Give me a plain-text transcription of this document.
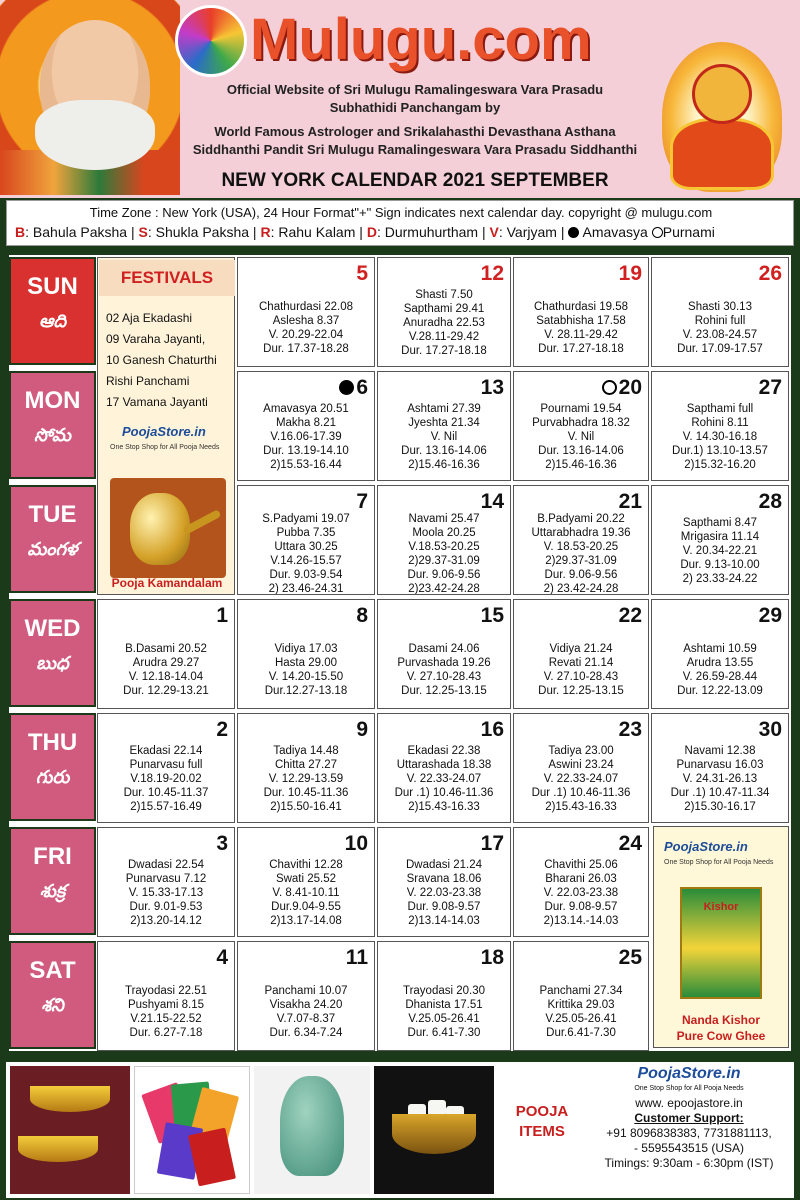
Mulugu.com
Official Website of Sri Mulugu Ramalingeswara Vara Prasadu
Subhathidi Panchangam by
World Famous Astrologer and Srikalahasthi Devasthana Asthana
Siddhanthi Pandit Sri Mulugu Ramalingeswara Vara Prasadu Siddhanthi
NEW YORK CALENDAR 2021 SEPTEMBER
Time Zone : New York (USA), 24 Hour Format"+" Sign indicates next calendar day. copyright @ mulugu.com
B: Bahula Paksha | S: Shukla Paksha | R: Rahu Kalam | D: Durmuhurtham | V: Varjyam | Amavasya Purnami
FESTIVALS
02 Aja Ekadashi
09 Varaha Jayanti,
10 Ganesh Chaturthi
Rishi Panchami
17 Vamana Jayanti
PoojaStore.in
One Stop Shop for All Pooja Needs
Pooja Kamandalam
PoojaStore.in
One Stop Shop for All Pooja Needs
Kishor
Nanda Kishor
Pure Cow Ghee
SUN
ఆది
MON
సోమ
TUE
మంగళ
WED
బుధ
THU
గురు
FRI
శుక్ర
SAT
శని
5
Chathurdasi 22.08
Aslesha 8.37
V. 20.29-22.04
Dur. 17.37-18.28
12
Shasti 7.50
Sapthami 29.41
Anuradha 22.53
V.28.11-29.42
Dur. 17.27-18.18
19
Chathurdasi 19.58
Satabhisha 17.58
V. 28.11-29.42
Dur. 17.27-18.18
26
Shasti 30.13
Rohini full
V. 23.08-24.57
Dur. 17.09-17.57
6
Amavasya 20.51
Makha 8.21
V.16.06-17.39
Dur. 13.19-14.10
2)15.53-16.44
13
Ashtami 27.39
Jyeshta 21.34
V. Nil
Dur. 13.16-14.06
2)15.46-16.36
20
Pournami 19.54
Purvabhadra 18.32
V. Nil
Dur. 13.16-14.06
2)15.46-16.36
27
Sapthami full
Rohini 8.11
V. 14.30-16.18
Dur.1) 13.10-13.57
2)15.32-16.20
7
S.Padyami 19.07
Pubba 7.35
Uttara 30.25
V.14.26-15.57
Dur. 9.03-9.54
2) 23.46-24.31
14
Navami 25.47
Moola 20.25
V.18.53-20.25
2)29.37-31.09
Dur. 9.06-9.56
2)23.42-24.28
21
B.Padyami 20.22
Uttarabhadra 19.36
V. 18.53-20.25
2)29.37-31.09
Dur. 9.06-9.56
2) 23.42-24.28
28
Sapthami 8.47
Mrigasira 11.14
V. 20.34-22.21
Dur. 9.13-10.00
2) 23.33-24.22
1
B.Dasami 20.52
Arudra 29.27
V. 12.18-14.04
Dur. 12.29-13.21
8
Vidiya 17.03
Hasta 29.00
V. 14.20-15.50
Dur.12.27-13.18
15
Dasami 24.06
Purvashada 19.26
V. 27.10-28.43
Dur. 12.25-13.15
22
Vidiya 21.24
Revati 21.14
V. 27.10-28.43
Dur. 12.25-13.15
29
Ashtami 10.59
Arudra 13.55
V. 26.59-28.44
Dur. 12.22-13.09
2
Ekadasi 22.14
Punarvasu full
V.18.19-20.02
Dur. 10.45-11.37
2)15.57-16.49
9
Tadiya 14.48
Chitta 27.27
V. 12.29-13.59
Dur. 10.45-11.36
2)15.50-16.41
16
Ekadasi 22.38
Uttarashada 18.38
V. 22.33-24.07
Dur .1) 10.46-11.36
2)15.43-16.33
23
Tadiya 23.00
Aswini 23.24
V. 22.33-24.07
Dur .1) 10.46-11.36
2)15.43-16.33
30
Navami 12.38
Punarvasu 16.03
V. 24.31-26.13
Dur .1) 10.47-11.34
2)15.30-16.17
3
Dwadasi 22.54
Punarvasu 7.12
V. 15.33-17.13
Dur. 9.01-9.53
2)13.20-14.12
10
Chavithi 12.28
Swati 25.52
V. 8.41-10.11
Dur.9.04-9.55
2)13.17-14.08
17
Dwadasi 21.24
Sravana 18.06
V. 22.03-23.38
Dur. 9.08-9.57
2)13.14-14.03
24
Chavithi 25.06
Bharani 26.03
V. 22.03-23.38
Dur. 9.08-9.57
2)13.14.-14.03
4
Trayodasi 22.51
Pushyami 8.15
V.21.15-22.52
Dur. 6.27-7.18
11
Panchami 10.07
Visakha 24.20
V.7.07-8.37
Dur. 6.34-7.24
18
Trayodasi 20.30
Dhanista 17.51
V.25.05-26.41
Dur. 6.41-7.30
25
Panchami 27.34
Krittika 29.03
V.25.05-26.41
Dur.6.41-7.30
POOJA
ITEMS
PoojaStore.in
One Stop Shop for All Pooja Needs
www. epoojastore.in
Customer Support:
+91 8096838383, 7731881113,
- 5595543515 (USA)
Timings: 9:30am - 6:30pm (IST)
